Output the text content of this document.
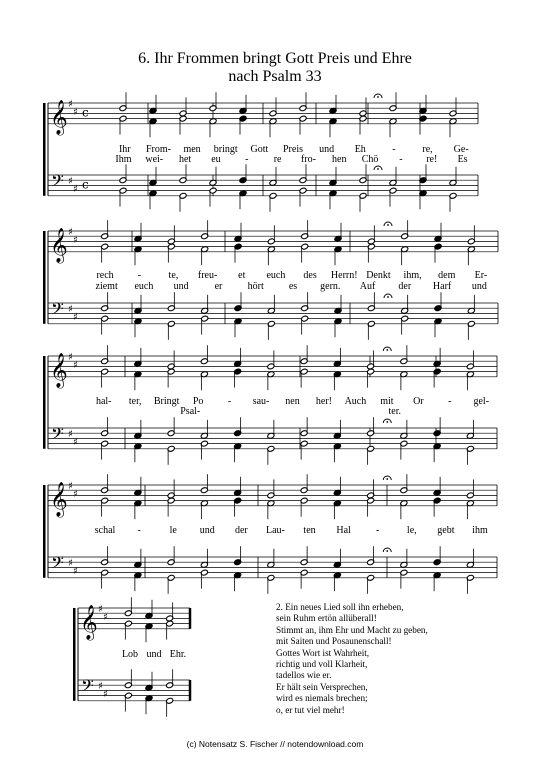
6. Ihr Frommen bringt Gott Preis und Ehre
nach Psalm 33
𝄞
𝄢
♯
♯
♯
♯
c
c
𝄞
𝄢
♯
♯
♯
♯
𝄞
𝄢
♯
♯
♯
♯
𝄞
𝄢
♯
♯
♯
♯
𝄞
𝄢
♯
♯
♯
♯
Ihr From- men bringt Gott Preis und Eh	-	re, Ge-
Ihm wei- het eu -	re fro- hen Chö - re! Es
rech -	te, freu- et euch des Herrn! Denkt ihm, dem Er-
ziemt euch und	er	hört	es gern. Auf der Harf und
hal- ter, Bringt Po - sau- nen her! Auch mit Or - gel-
Psal-	ter.
schal -	le und der Lau- ten Hal	-	le, gebt ihm
Lob und Ehr.
2. Ein neues Lied soll ihn erheben,
sein Ruhm ertön allüberall!
Stimmt an, ihm Ehr und Macht zu geben,
mit Saiten und Posaunenschall!
Gottes Wort ist Wahrheit,
richtig und voll Klarheit,
tadellos wie er.
Er hält sein Versprechen,
wird es niemals brechen;
o, er tut viel mehr!
(c) Notensatz S. Fischer // notendownload.com
